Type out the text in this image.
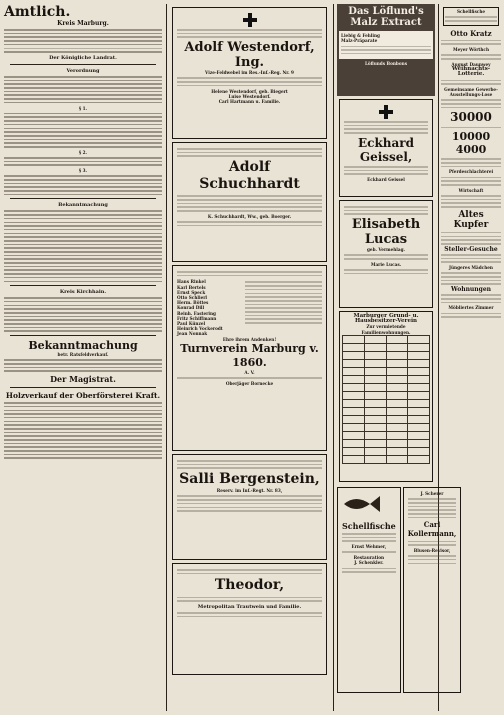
Amtlich.
Kreis Marburg.
Der Königliche Landrat.
Verordnung
§ 1.
§ 2.
§ 3.
Bekanntmachung
Kreis Kirchhain.
Bekanntmachung
betr. Ratsfeldverkauf.
Der Magistrat.
Holzverkauf der Oberförsterei Kraft.
Adolf Westendorf, Ing.
Vize-Feldwebel im Res.-Inf.-Reg. Nr. 9
Helene Westendorf, geb. Biegert
Luise Westendorf.
Carl Hartmann u. Familie.
Adolf Schuchhardt
K. Schuchhardt, Ww., geb. Boerger.
Hans Rinkel
Karl Bertels
Ernst Speck
Otto Schlierl
Herm. Böttes
Konrad Dill
Reinh. Fastering
Fritz Schiffmann
Paul Künzel
Heinrich Vockerodt
Jean Nonnak
Ehre ihrem Andenken!
Turnverein Marburg v. 1860.
A. V.
Oberjäger Bornecke
Salli Bergenstein,
Reserv. im Inf.-Regt. Nr. 83,
Theodor,
Metropolitan Trautwein und Familie.
Das Löflund's Malz Extract
Liebig & Fehling
Malz-Präparate
Löflunds Bonbons
Eckhard Geissel,
Eckhard Geissel
Elisabeth Lucas
geb. Vermehlag.
Marie Lucas.
Marburger Grund- u. Hausbesitzer-Verein
Zur vermietende Familienwohnungen.

Schellfische
Ernst Wehmer,
Restauration
J. Schenkler.
J. Scherer
Carl Kollermann,
Blusen-Revisor,
Schellfische
Otto Kratz
Meyer Wörthch
August Daunwey
Weihnachts-Lotterie.
Gemeinsame Gewerbe-Ausstellungs-Lose
30000
10000
4000
Pferdeschlachterei
Wirtschaft
Altes Kupfer
Steller-Gesuche
Jüngeres Mädchen
Wohnungen
Möbliertes Zimmer
